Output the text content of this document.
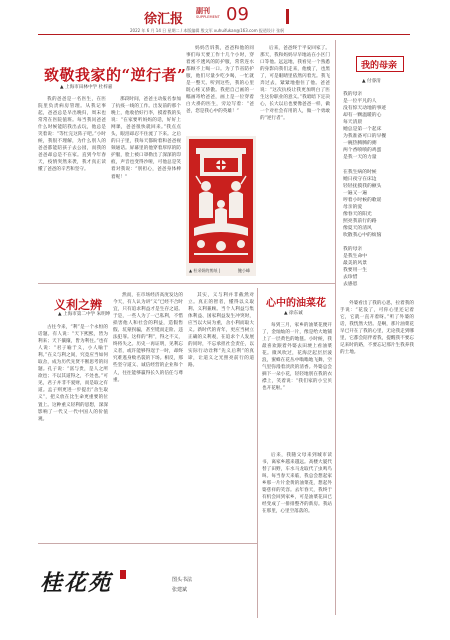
徐汇报
副刊
SUPPLEMENT 09
2022 年 6 月 14 日 星期二 / 本版编辑 殷文军 xuhuifukan@163.com 报道设计 张舸
致敬我家的“逆行者”
▲ 上海市田林中学 杜梓嘉
我的爸爸是一名医生，在医院里负责病房管理。从我记事起，爸爸总是早出晚归，周末也常常在医院值班。每当我问爸爸什么时候能陪我出去玩，他总是笑着说：“等忙完这阵子吧。”小时候，我很不理解，为什么别人的爸爸都能陪孩子去公园，而我的爸爸却总是不在家。直到今年春天，疫情突然来袭，我才真正读懂了爸爸的辛苦和坚守。
那段时间，爸爸主动报名参加了抗疫一线的工作。出发前的那个晚上，他收拾好行李，摸着我的头说：“在家要听妈妈的话，好好上网课，爸爸很快就回来。”我点点头，眼泪却忍不住流了下来。之后的日子里，我每天都盼着和爸爸视频通话。屏幕里的他穿着厚厚的防护服，脸上被口罩勒出了深深的印痕，声音也变得沙哑，可他总是笑着对我说：“别担心，爸爸身体棒着呢！”
妈妈告诉我，爸爸和他的同事们每天要工作十几个小时，穿着密不透风的防护服，常常连水都顾不上喝一口。为了节省防护服，他们尽量少吃少喝，一忙就是一整天。听到这些，我的心里既心疼又骄傲。我把自己画的一幅画寄给爸爸，画上是一位穿着白大褂的医生，旁边写着：“爸爸，您是我心中的英雄！”
后来，爸爸终于平安回家了。那天，我和妈妈早早地站在小区门口等他。远远地，我看见一个熟悉的身影向我们走来，他瘦了，也黑了，可是眼睛里依然闪着光。我飞奔过去，紧紧地抱住了他。爸爸说：“这次抗疫让我更加明白了医生这份职业的意义。”我暗暗下定决心，长大以后也要像爸爸一样，做一个对社会有用的人，做一个勇敢的“逆行者”。
▲ 杜采妍的剪纸 |	鲍小峰
我的母亲
▲ 付睿清
我的母亲
是一位平凡的人
没有惊天动地的事迹
却有一颗温暖的心
每天清晨
她总是第一个起床
为我准备可口的早餐
一碗热腾腾的粥
两个香喷喷的鸡蛋
是我一天的力量

在我生病的时候
她日夜守在床边
轻轻抚摸我的额头
一遍又一遍
哼着小时候的歌谣
母亲的爱
像春天的阳光
照亮我前行的路
像夏天的清风
吹散我心中的烦恼

我的母亲
是我生命中
最美的风景
我要用一生
去珍惜
去感恩
义利之辨
▲ 上海市第二中学 朱明坤
古往今来，“利”是一个永恒的话题。有人说：“天下熙熙，皆为利来；天下攘攘，皆为利往。”也有人说：“君子喻于义，小人喻于利。”在义与利之间，究竟应当如何取舍，成为历代先贤不断思考的问题。孔子说：“富与贵，是人之所欲也；不以其道得之，不处也。”可见，君子并非不爱财，而是取之有道。孟子则更进一步提出“舍生取义”，把义放在比生命更重要的位置上。这种重义轻利的思想，深深影响了一代又一代中国人的价值观。
然而，在市场经济高度发达的今天，有人认为讲“义”已经不合时宜，只有追求利益才是生存之道。于是，一些人为了一己私利，不惜损害他人和社会的利益，造假售假、坑蒙拐骗，甚至铤而走险、违法犯罪。这样的“利”，得之不义，终将失之。历史一再证明，见利忘义者，或许能够得逞于一时，却终究难逃身败名裂的下场。相反，那些坚守道义、诚信经营的企业和个人，往往能够赢得长久的信任与尊重。
其实，义与利并非截然对立。真正的智者，懂得以义取利、义利兼顾。当个人利益与集体利益、国家利益发生冲突时，应当以大局为重，舍小利而取大义。新时代的青年，更应当树立正确的义利观，在追求个人发展的同时，不忘承担社会责任，以实际行动诠释“先义后利”的真谛，让道义之光照亮前行的道路。
心中的油菜花
▲ 徐东诚
每到三月，家乡的油菜花便开了，金灿灿的一片，像是给大地铺上了一层黄色的地毯。小时候，我最喜欢跟着外婆去田埂上看油菜花。微风吹过，花海泛起层层波浪，蜜蜂在花丛中嗡嗡地飞舞，空气里弥漫着淡淡的清香。外婆总会摘下一朵小花，轻轻地别在我的衣襟上，笑着说：“我们家的小宝贝也开花啦。”
后来，我随父母来到城市读书，离家乡越来越远。高楼大厦代替了田野，车水马龙取代了虫鸣鸟叫。每当春天来临，我总会想起家乡那一片片金黄的油菜花，想起外婆慈祥的笑容。去年春天，我终于有机会回到家乡，可是油菜花田已经变成了一排排整齐的新房。我站在那里，心里空落落的。
外婆看出了我的心思，拉着我的手说：“花没了，可你心里还记着它，它就一直开着呀。”听了外婆的话，我恍然大悟。是啊，那片油菜花早已开在了我的心里，无论我走到哪里，它都会陪伴着我，提醒我不要忘记来时的路，不要忘记那片生我养我的土地。
桂花苑	图头书法
张建斌
